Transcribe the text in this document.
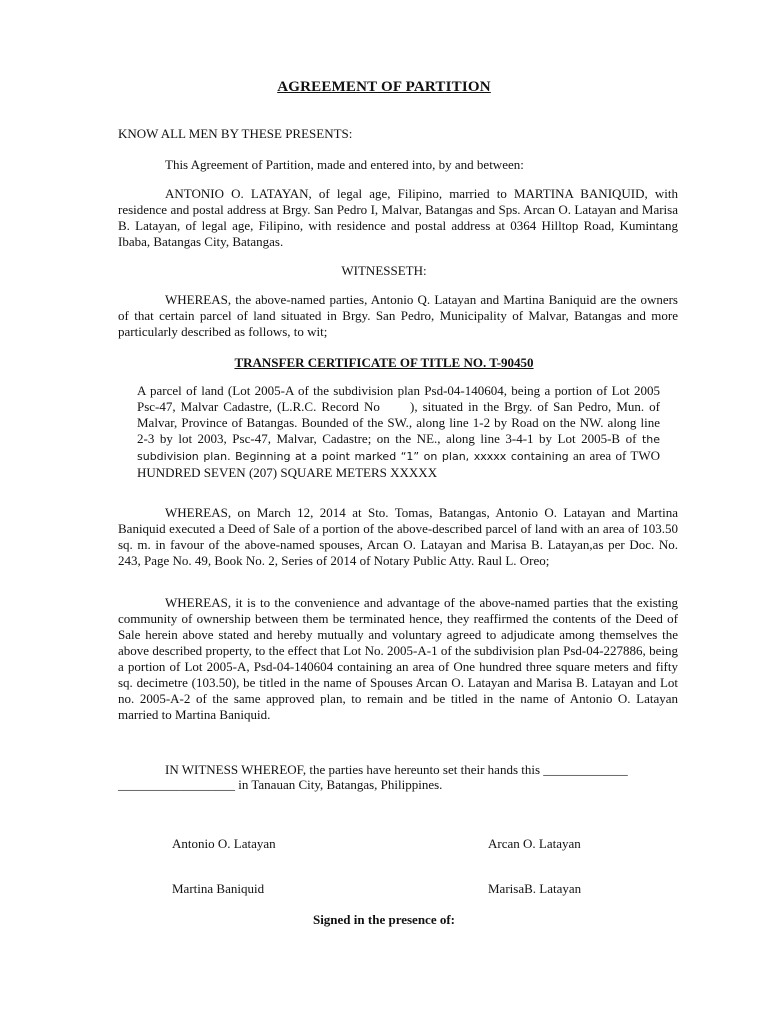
AGREEMENT OF PARTITION

KNOW ALL MEN BY THESE PRESENTS:

This Agreement of Partition, made and entered into, by and between:

ANTONIO O. LATAYAN, of legal age, Filipino, married to MARTINA BANIQUID, with residence and postal address at Brgy. San Pedro I, Malvar, Batangas and Sps. Arcan O. Latayan and Marisa B. Latayan, of legal age, Filipino, with residence and postal address at 0364 Hilltop Road, Kumintang Ibaba, Batangas City, Batangas.

WITNESSETH:

WHEREAS, the above-named parties, Antonio Q. Latayan and Martina Baniquid are the owners of that certain parcel of land situated in Brgy. San Pedro, Municipality of Malvar, Batangas and more particularly described as follows, to wit;

TRANSFER CERTIFICATE OF TITLE NO. T-90450

A parcel of land (Lot 2005-A of the subdivision plan Psd-04-140604, being a portion of Lot 2005 Psc-47, Malvar Cadastre, (L.R.C. Record No      ), situated in the Brgy. of San Pedro, Mun. of Malvar, Province of Batangas. Bounded of the SW., along line 1-2 by Road on the NW. along line 2-3 by lot 2003, Psc-47, Malvar, Cadastre; on the NE., along line 3-4-1 by Lot 2005-B of the subdivision plan. Beginning at a point marked “1” on plan, xxxxx containing an area of TWO HUNDRED SEVEN (207) SQUARE METERS XXXXX

WHEREAS, on March 12, 2014 at Sto. Tomas, Batangas, Antonio O. Latayan and Martina Baniquid executed a Deed of Sale of a portion of the above-described parcel of land with an area of 103.50 sq. m. in favour of the above-named spouses, Arcan O. Latayan and Marisa B. Latayan,as per Doc. No. 243, Page No. 49, Book No. 2, Series of 2014 of Notary Public Atty. Raul L. Oreo;

WHEREAS, it is to the convenience and advantage of the above-named parties that the existing community of ownership between them be terminated hence, they reaffirmed the contents of the Deed of Sale herein above stated and hereby mutually and voluntary agreed to adjudicate among themselves the above described property, to the effect that Lot No. 2005-A-1 of the subdivision plan Psd-04-227886, being a portion of Lot 2005-A, Psd-04-140604 containing an area of One hundred three square meters and fifty sq. decimetre (103.50), be titled in the name of Spouses Arcan O. Latayan and Marisa B. Latayan and Lot no. 2005-A-2 of the same approved plan, to remain and be titled in the name of Antonio O. Latayan married to Martina Baniquid.

IN WITNESS WHEREOF, the parties have hereunto set their hands this _____________

__________________ in Tanauan City, Batangas, Philippines.

Antonio O. Latayan	Arcan O. Latayan

Martina Baniquid	MarisaB. Latayan

Signed in the presence of:
